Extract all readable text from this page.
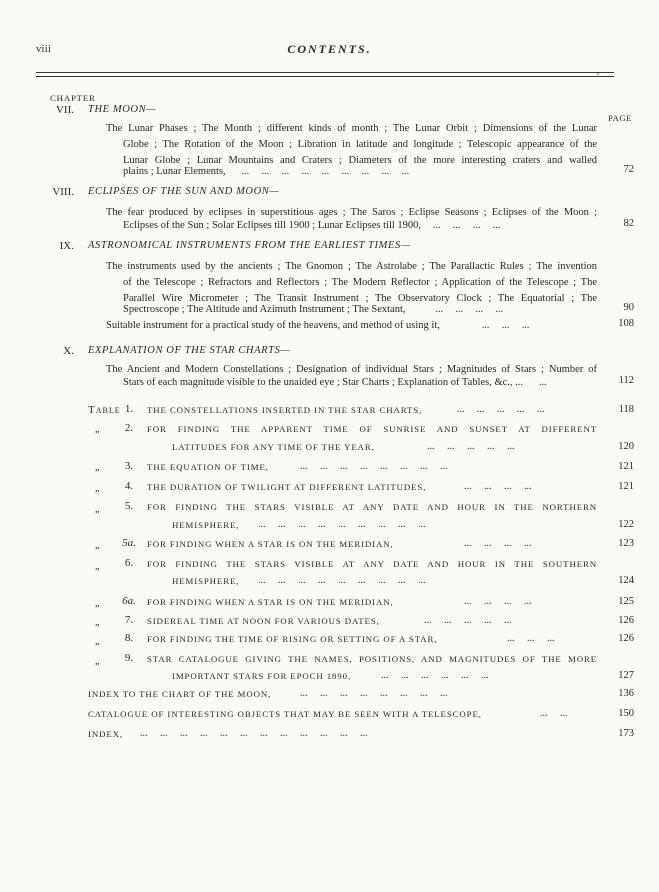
viii	CONTENTS.
CHAPTER
PAGE
VII. THE MOON—
The Lunar Phases ; The Month ; different kinds of month ; The Lunar Orbit ; Dimensions of the Lunar
Globe ; The Rotation of the Moon ; Libration in latitude and longitude ; Telescopic appearance of the
Lunar Globe ; Lunar Mountains and Craters ; Diameters of the more interesting craters and walled
plains ; Lunar Elements, ...     ...     ...     ...     ...     ...     ...     ...     ...	72
VIII. ECLIPSES OF THE SUN AND MOON—
The fear produced by eclipses in superstitious ages ; The Saros ; Eclipse Seasons ; Eclipses of the Moon ;
Eclipses of the Sun ; Solar Eclipses till 1900 ; Lunar Eclipses till 1900, ...     ...     ...     ...	82
IX. ASTRONOMICAL INSTRUMENTS FROM THE EARLIEST TIMES—
The instruments used by the ancients ; The Gnomon ; The Astrolabe ; The Parallactic Rules ; The invention
of the Telescope ; Refractors and Reflectors ; The Modern Reflector ; Application of the Telescope ; The
Parallel Wire Micrometer ; The Transit Instrument ; The Observatory Clock ; The Equatorial ; The
Spectroscope ; The Altitude and Azimuth Instrument ; The Sextant,	...     ...     ...     ...	90
Suitable instrument for a practical study of the heavens, and method of using it,	...     ...     ...	108
X. EXPLANATION OF THE STAR CHARTS—
The Ancient and Modern Constellations ; Designation of individual Stars ; Magnitudes of Stars ; Number of
Stars of each magnitude visible to the unaided eye ; Star Charts ; Explanation of Tables, &c., ... ...	112
Table 1.	THE CONSTELLATIONS INSERTED IN THE STAR CHARTS,	...     ...     ...     ...     ...	118
„	2.	FOR FINDING THE APPARENT TIME OF SUNRISE AND SUNSET AT DIFFERENT
LATITUDES FOR ANY TIME OF THE YEAR,	...     ...     ...     ...     ...	120
„	3.	THE EQUATION OF TIME,	...     ...     ...     ...     ...     ...     ...     ...	121
„	4.	THE DURATION OF TWILIGHT AT DIFFERENT LATITUDES,	...     ...     ...     ...	121
„	5.	FOR FINDING THE STARS VISIBLE AT ANY DATE AND HOUR IN THE NORTHERN
HEMISPHERE, ...     ...     ...     ...     ...     ...     ...     ...     ...	122
„ 5a. FOR FINDING WHEN A STAR IS ON THE MERIDIAN,	...     ...     ...     ...	123
„	6.	FOR FINDING THE STARS VISIBLE AT ANY DATE AND HOUR IN THE SOUTHERN
HEMISPHERE, ...     ...     ...     ...     ...     ...     ...     ...     ...	124
„ 6a. FOR FINDING WHEN A STAR IS ON THE MERIDIAN,	...     ...     ...     ...	125
„	7.	SIDEREAL TIME AT NOON FOR VARIOUS DATES,	...     ...     ...     ...     ...	126
„	8.	FOR FINDING THE TIME OF RISING OR SETTING OF A STAR,	...     ...     ...	126
„	9.	STAR CATALOGUE GIVING THE NAMES, POSITIONS, AND MAGNITUDES OF THE MORE
IMPORTANT STARS FOR EPOCH 1890,	...     ...     ...     ...     ...     ...	127
INDEX TO THE CHART OF THE MOON,	...     ...     ...     ...     ...     ...     ...     ...	136
CATALOGUE OF INTERESTING OBJECTS THAT MAY BE SEEN WITH A TELESCOPE,	...     ...	150
INDEX, ...     ...     ...     ...     ...     ...     ...     ...     ...     ...     ...     ...	173
